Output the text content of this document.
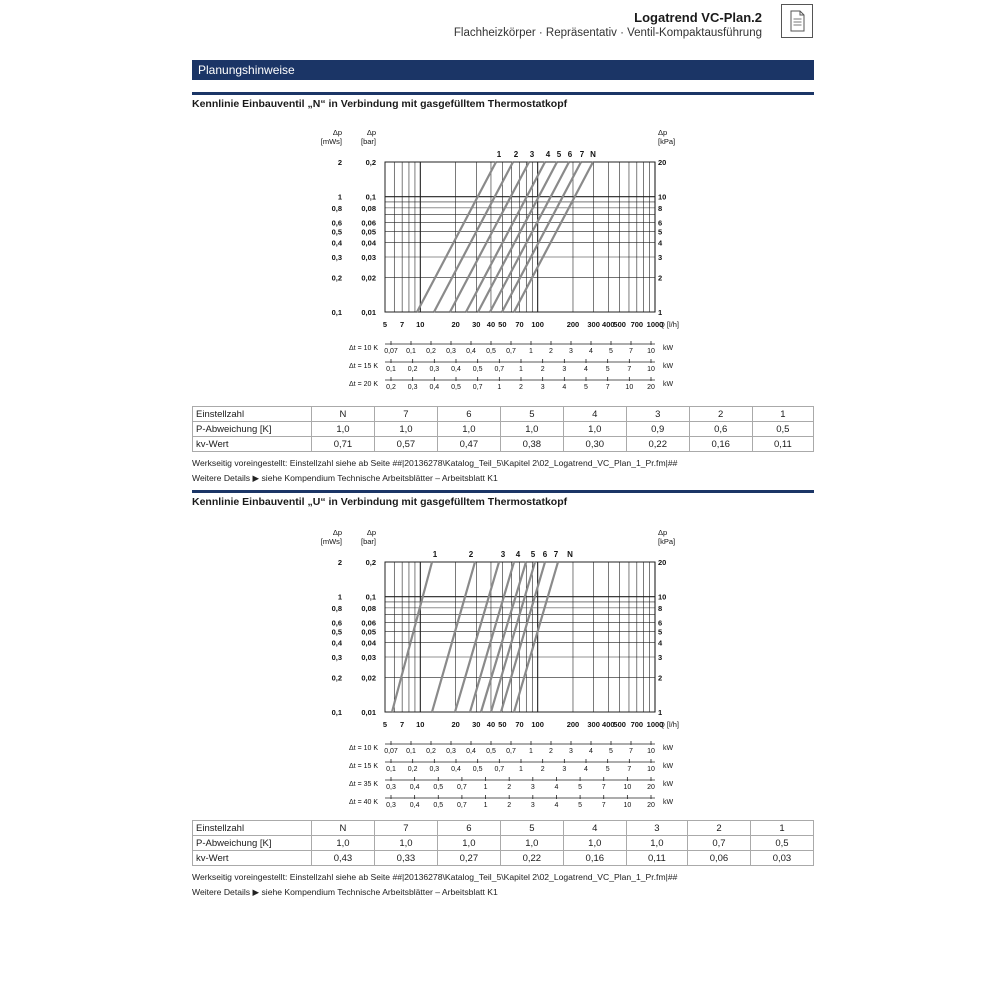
Logatrend VC-Plan.2
Flachheizkörper · Repräsentativ · Ventil-Kompaktausführung
Planungshinweise
Kennlinie Einbauventil „N“ in Verbindung mit gasgefülltem Thermostatkopf
Δp
[mWs]
Δp
[bar]
Δp
[kPa]
2	0,2	20
1	0,1	10
0,8	0,08	8
0,6	0,06	6
0,5	0,05	5
0,4	0,04	4
0,3	0,03	3
0,2	0,02	2
0,1	0,01	1
5 7 10	20 30 40 50 70 100	200 300 400
500 700 1000
Q [l/h]
1 2 3 4 5 6 7 N
Δt = 10 K 0,07 0,1 0,2 0,3 0,4 0,5 0,7 1 2 3 4 5 7 10 kW
Δt = 15 K 0,1 0,2 0,3 0,4 0,5 0,7 1	2	3	4	5	7 10 kW
Δt = 20 K 0,2 0,3 0,4 0,5 0,7 1	2	3	4	5	7 10 20 kW
Einstellzahl	N	7	6	5	4	3	2	1
P-Abweichung [K]	1,0	1,0	1,0	1,0	1,0	0,9	0,6	0,5
kv-Wert	0,71	0,57	0,47	0,38	0,30	0,22	0,16	0,11
Werkseitig voreingestellt: Einstellzahl siehe ab Seite ##|20136278\Katalog_Teil_5\Kapitel 2\02_Logatrend_VC_Plan_1_Pr.fm|##
Weitere Details ▶ siehe Kompendium Technische Arbeitsblätter – Arbeitsblatt K1
Kennlinie Einbauventil „U“ in Verbindung mit gasgefülltem Thermostatkopf
Δp
[mWs]
Δp
[bar]
Δp
[kPa]
2	0,2	20
1	0,1	10
0,8	0,08	8
0,6	0,06	6
0,5	0,05	5
0,4	0,04	4
0,3	0,03	3
0,2	0,02	2
0,1	0,01	1
5 7 10	20 30 40 50 70 100	200 300 400
500 700 1000
Q [l/h]
1	2	3 4 5 6 7 N
Δt = 10 K 0,07 0,1 0,2 0,3 0,4 0,5 0,7 1 2 3 4 5 7 10 kW
Δt = 15 K 0,1 0,2 0,3 0,4 0,5 0,7 1	2	3	4	5	7 10 kW
Δt = 35 K 0,3 0,4 0,5 0,7 1	2	3	4	5	7	10 20 kW
Δt = 40 K 0,3 0,4 0,5 0,7 1	2	3	4	5	7	10 20 kW
Einstellzahl	N	7	6	5	4	3	2	1
P-Abweichung [K]	1,0	1,0	1,0	1,0	1,0	1,0	0,7	0,5
kv-Wert	0,43	0,33	0,27	0,22	0,16	0,11	0,06	0,03
Werkseitig voreingestellt: Einstellzahl siehe ab Seite ##|20136278\Katalog_Teil_5\Kapitel 2\02_Logatrend_VC_Plan_1_Pr.fm|##
Weitere Details ▶ siehe Kompendium Technische Arbeitsblätter – Arbeitsblatt K1
